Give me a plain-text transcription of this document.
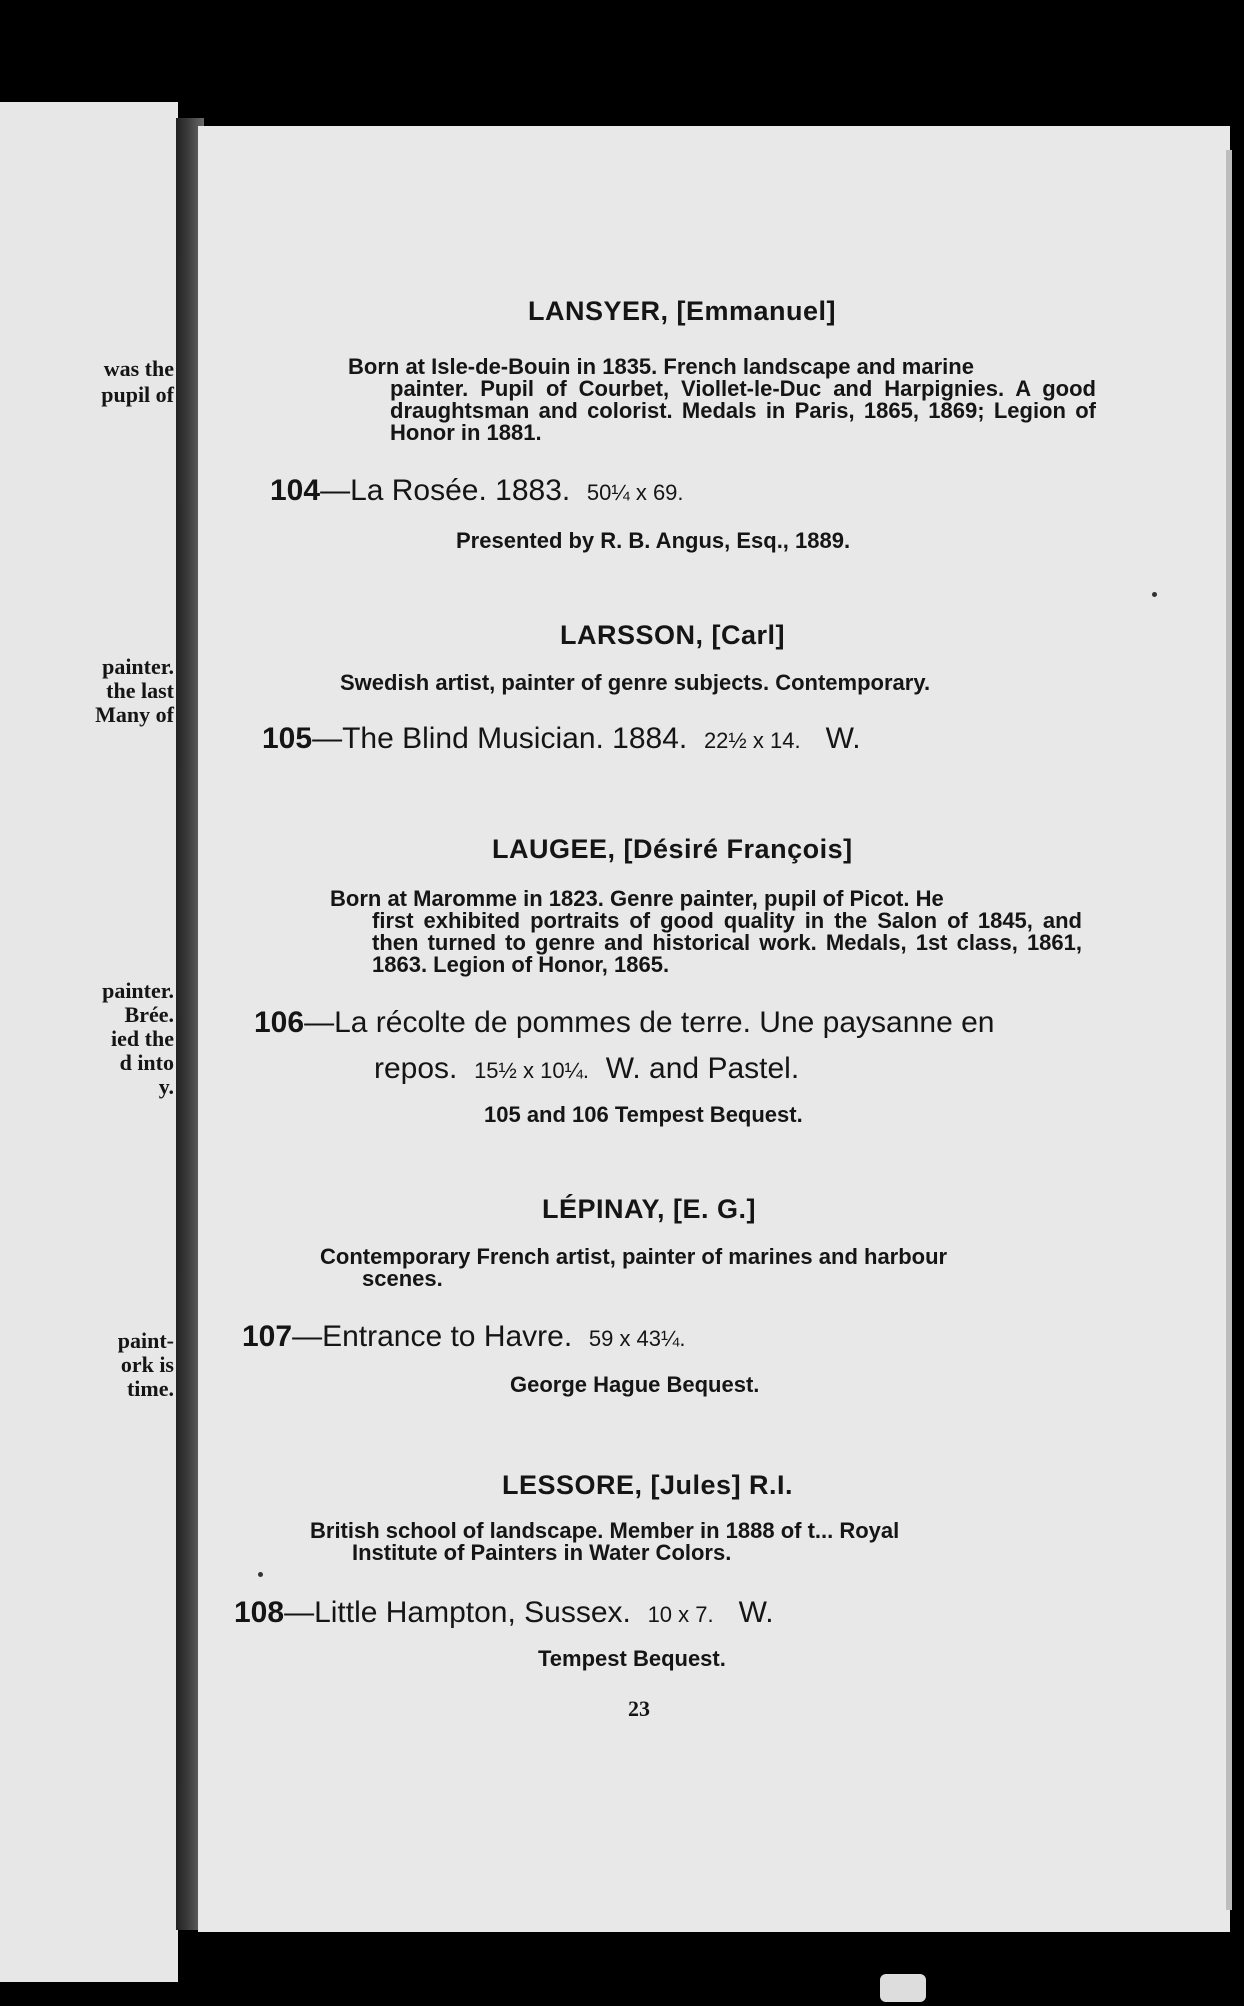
was the
pupil of
painter.
the last
Many of
painter.
Brée.
ied the
d into
y.
paint-
ork is
time.
LANSYER, [Emmanuel]
Born at Isle-de-Bouin in 1835. French landscape and marine
painter. Pupil of Courbet, Viollet-le-Duc and Harpignies. A good draughtsman and colorist. Medals in Paris, 1865, 1869; Legion of Honor in 1881.
104—La Rosée. 1883. 50¼ x 69.
Presented by R. B. Angus, Esq., 1889.
LARSSON, [Carl]
Swedish artist, painter of genre subjects. Contemporary.
105—The Blind Musician. 1884. 22½ x 14. W.
LAUGEE, [Désiré François]
Born at Maromme in 1823. Genre painter, pupil of Picot. He
first exhibited portraits of good quality in the Salon of 1845, and then turned to genre and historical work. Medals, 1st class, 1861, 1863. Legion of Honor, 1865.
106—La récolte de pommes de terre. Une paysanne en
repos. 15½ x 10¼. W. and Pastel.
105 and 106 Tempest Bequest.
LÉPINAY, [E. G.]
Contemporary French artist, painter of marines and harbour
scenes.
107—Entrance to Havre. 59 x 43¼.
George Hague Bequest.
LESSORE, [Jules] R.I.
British school of landscape. Member in 1888 of t... Royal
Institute of Painters in Water Colors.
108—Little Hampton, Sussex. 10 x 7. W.
Tempest Bequest.
23
